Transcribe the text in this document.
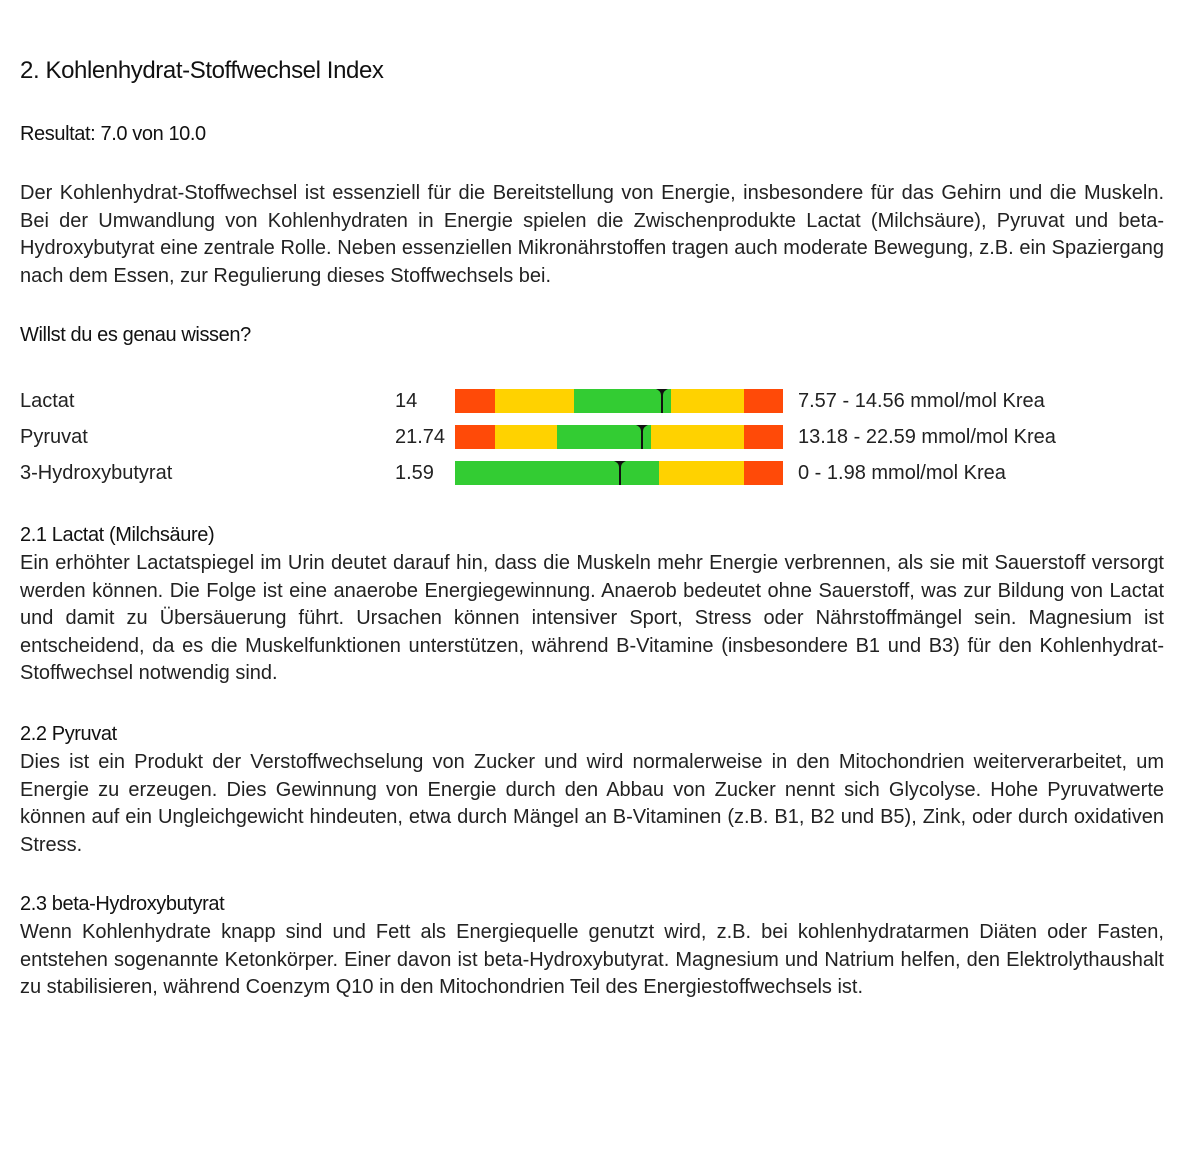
2. Kohlenhydrat-Stoffwechsel Index

Resultat: 7.0 von 10.0

Der Kohlenhydrat-Stoffwechsel ist essenziell für die Bereitstellung von Energie, insbesondere für das Gehirn und die Muskeln. Bei der Umwandlung von Kohlenhydraten in Energie spielen die Zwischenprodukte Lactat (Milchsäure), Pyruvat und beta-Hydroxybutyrat eine zentrale Rolle. Neben essenziellen Mikronährstoffen tragen auch moderate Bewegung, z.B. ein Spaziergang nach dem Essen, zur Regulierung dieses Stoffwechsels bei.

Willst du es genau wissen?

Lactat	14	7.57 - 14.56 mmol/mol Krea
Pyruvat	21.74	13.18 - 22.59 mmol/mol Krea
3-Hydroxybutyrat	1.59	0 - 1.98 mmol/mol Krea
2.1 Lactat (Milchsäure)

Ein erhöhter Lactatspiegel im Urin deutet darauf hin, dass die Muskeln mehr Energie verbrennen, als sie mit Sauerstoff versorgt werden können. Die Folge ist eine anaerobe Energiegewinnung. Anaerob bedeutet ohne Sauerstoff, was zur Bildung von Lactat und damit zu Übersäuerung führt. Ursachen können intensiver Sport, Stress oder Nährstoffmängel sein. Magnesium ist entscheidend, da es die Muskelfunktionen unterstützen, während B-Vitamine (insbesondere B1 und B3) für den Kohlenhydrat-Stoffwechsel notwendig sind.

2.2 Pyruvat

Dies ist ein Produkt der Verstoffwechselung von Zucker und wird normalerweise in den Mitochondrien weiterverarbeitet, um Energie zu erzeugen. Dies Gewinnung von Energie durch den Abbau von Zucker nennt sich Glycolyse. Hohe Pyruvatwerte können auf ein Ungleichgewicht hindeuten, etwa durch Mängel an B-Vitaminen (z.B. B1, B2 und B5), Zink, oder durch oxidativen Stress.

2.3 beta-Hydroxybutyrat

Wenn Kohlenhydrate knapp sind und Fett als Energiequelle genutzt wird, z.B. bei kohlenhydratarmen Diäten oder Fasten, entstehen sogenannte Ketonkörper. Einer davon ist beta-Hydroxybutyrat. Magnesium und Natrium helfen, den Elektrolythaushalt zu stabilisieren, während Coenzym Q10 in den Mitochondrien Teil des Energiestoffwechsels ist.
